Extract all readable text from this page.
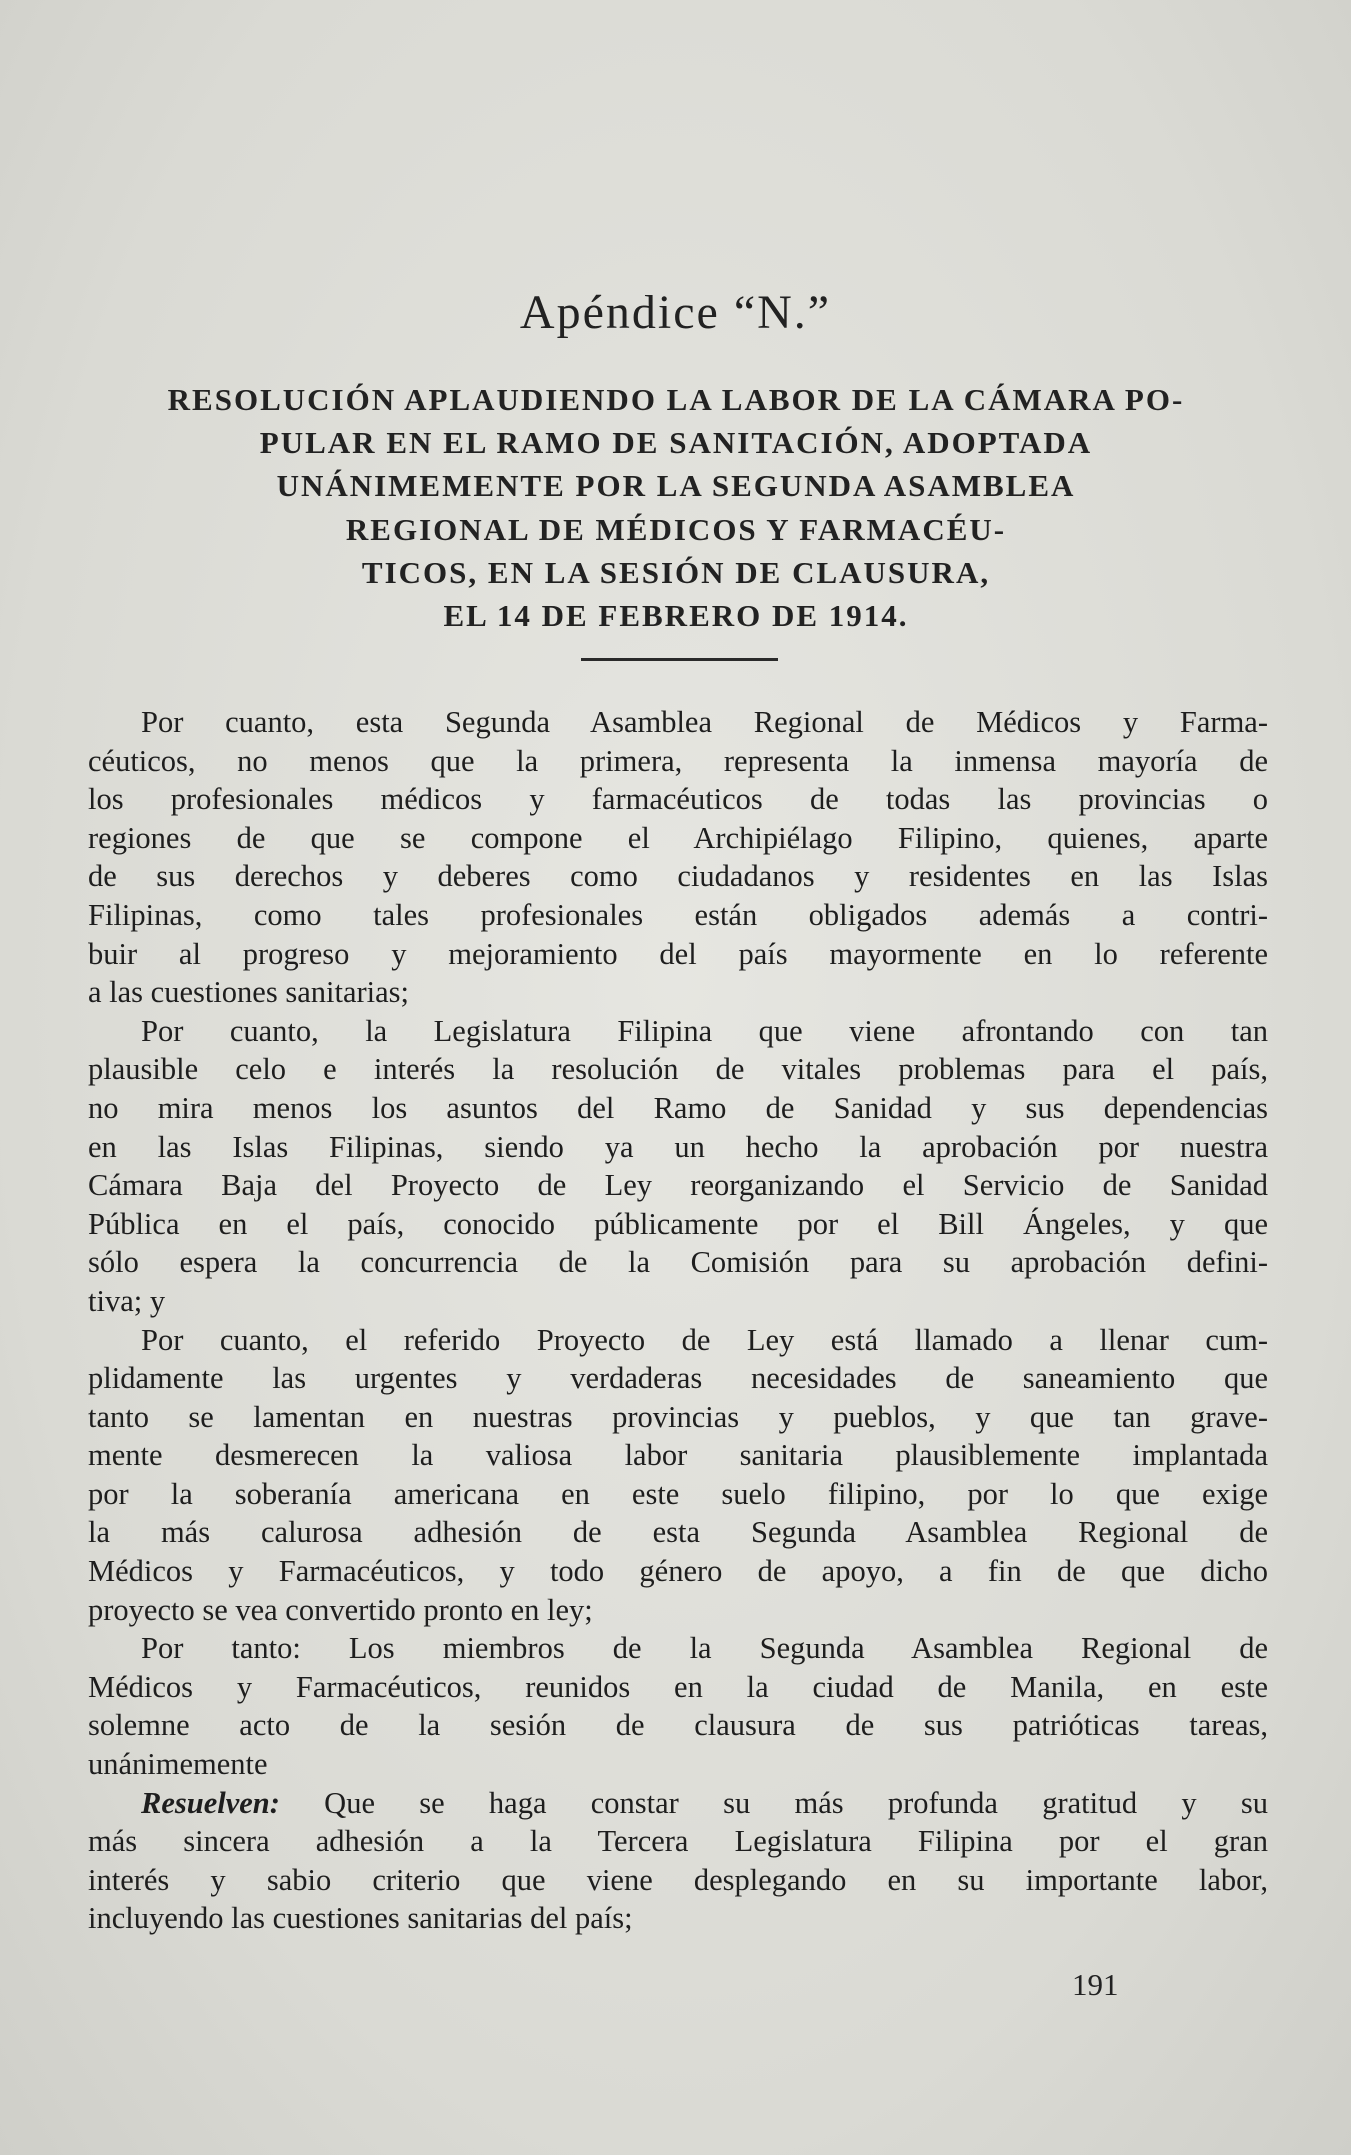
Apéndice “N.”
RESOLUCIÓN APLAUDIENDO LA LABOR DE LA CÁMARA PO-
PULAR EN EL RAMO DE SANITACIÓN, ADOPTADA
UNÁNIMEMENTE POR LA SEGUNDA ASAMBLEA
REGIONAL DE MÉDICOS Y FARMACÉU-
TICOS, EN LA SESIÓN DE CLAUSURA,
EL 14 DE FEBRERO DE 1914.
Por cuanto, esta Segunda Asamblea Regional de Médicos y Farma-
céuticos, no menos que la primera, representa la inmensa mayoría de
los profesionales médicos y farmacéuticos de todas las provincias o
regiones de que se compone el Archipiélago Filipino, quienes, aparte
de sus derechos y deberes como ciudadanos y residentes en las Islas
Filipinas, como tales profesionales están obligados además a contri-
buir al progreso y mejoramiento del país mayormente en lo referente
a las cuestiones sanitarias;
Por cuanto, la Legislatura Filipina que viene afrontando con tan
plausible celo e interés la resolución de vitales problemas para el país,
no mira menos los asuntos del Ramo de Sanidad y sus dependencias
en las Islas Filipinas, siendo ya un hecho la aprobación por nuestra
Cámara Baja del Proyecto de Ley reorganizando el Servicio de Sanidad
Pública en el país, conocido públicamente por el Bill Ángeles, y que
sólo espera la concurrencia de la Comisión para su aprobación defini-
tiva; y
Por cuanto, el referido Proyecto de Ley está llamado a llenar cum-
plidamente las urgentes y verdaderas necesidades de saneamiento que
tanto se lamentan en nuestras provincias y pueblos, y que tan grave-
mente desmerecen la valiosa labor sanitaria plausiblemente implantada
por la soberanía americana en este suelo filipino, por lo que exige
la más calurosa adhesión de esta Segunda Asamblea Regional de
Médicos y Farmacéuticos, y todo género de apoyo, a fin de que dicho
proyecto se vea convertido pronto en ley;
Por tanto: Los miembros de la Segunda Asamblea Regional de
Médicos y Farmacéuticos, reunidos en la ciudad de Manila, en este
solemne acto de la sesión de clausura de sus patrióticas tareas,
unánimemente
Resuelven: Que se haga constar su más profunda gratitud y su
más sincera adhesión a la Tercera Legislatura Filipina por el gran
interés y sabio criterio que viene desplegando en su importante labor,
incluyendo las cuestiones sanitarias del país;
191
